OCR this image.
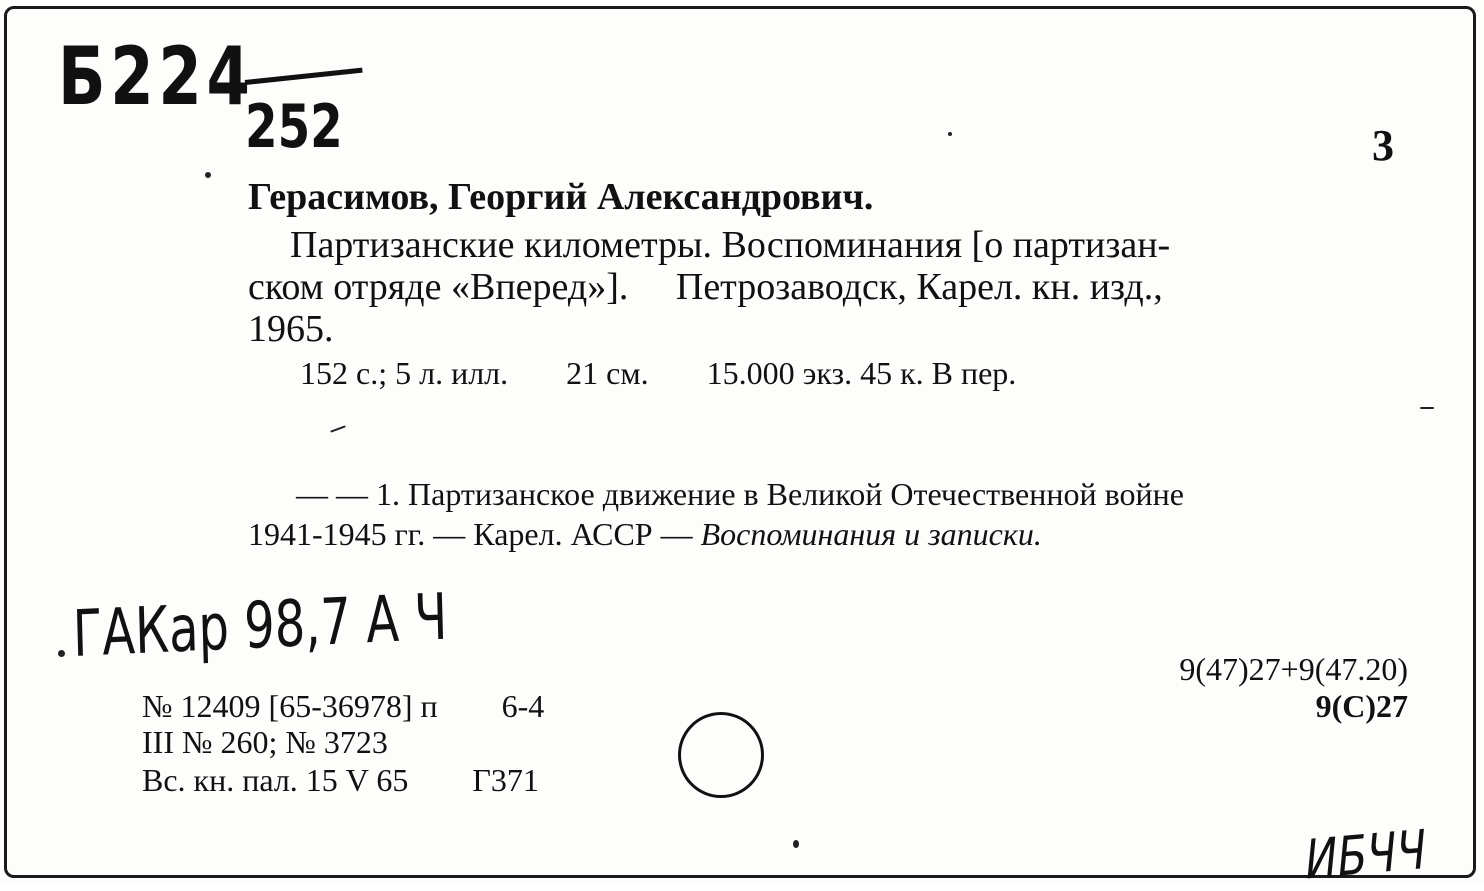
Б224
252	3
Герасимов, Георгий Александрович.
Партизанские километры. Воспоминания [о партизан-
ском отряде «Вперед»].     Петрозаводск, Карел. кн. изд.,
1965.
152 с.; 5 л. илл. 21 см. 15.000 экз. 45 к. В пер.
— — 1. Партизанское движение в Великой Отечественной войне
1941-1945 гг. — Карел. АССР — Воспоминания и записки.
ГАКар 98,7 А Ч
№ 12409 [65-36978] п 6-4
III № 260; № 3723
Вс. кн. пал. 15 V 65 Г371
9(47)27+9(47.20)
9(С)27
ИБЧЧ
